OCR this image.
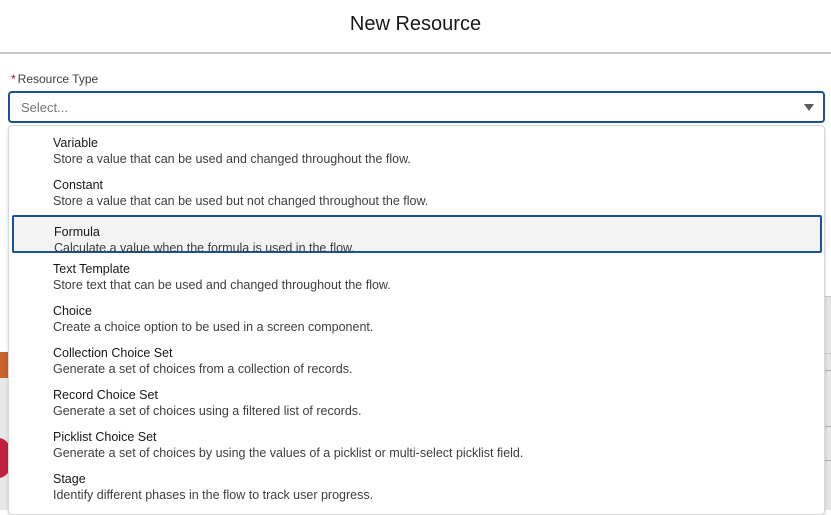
New Resource
* Resource Type
Select...
Variable
Store a value that can be used and changed throughout the flow.
Constant
Store a value that can be used but not changed throughout the flow.
Formula
Calculate a value when the formula is used in the flow.
Text Template
Store text that can be used and changed throughout the flow.
Choice
Create a choice option to be used in a screen component.
Collection Choice Set
Generate a set of choices from a collection of records.
Record Choice Set
Generate a set of choices using a filtered list of records.
Picklist Choice Set
Generate a set of choices by using the values of a picklist or multi-select picklist field.
Stage
Identify different phases in the flow to track user progress.
